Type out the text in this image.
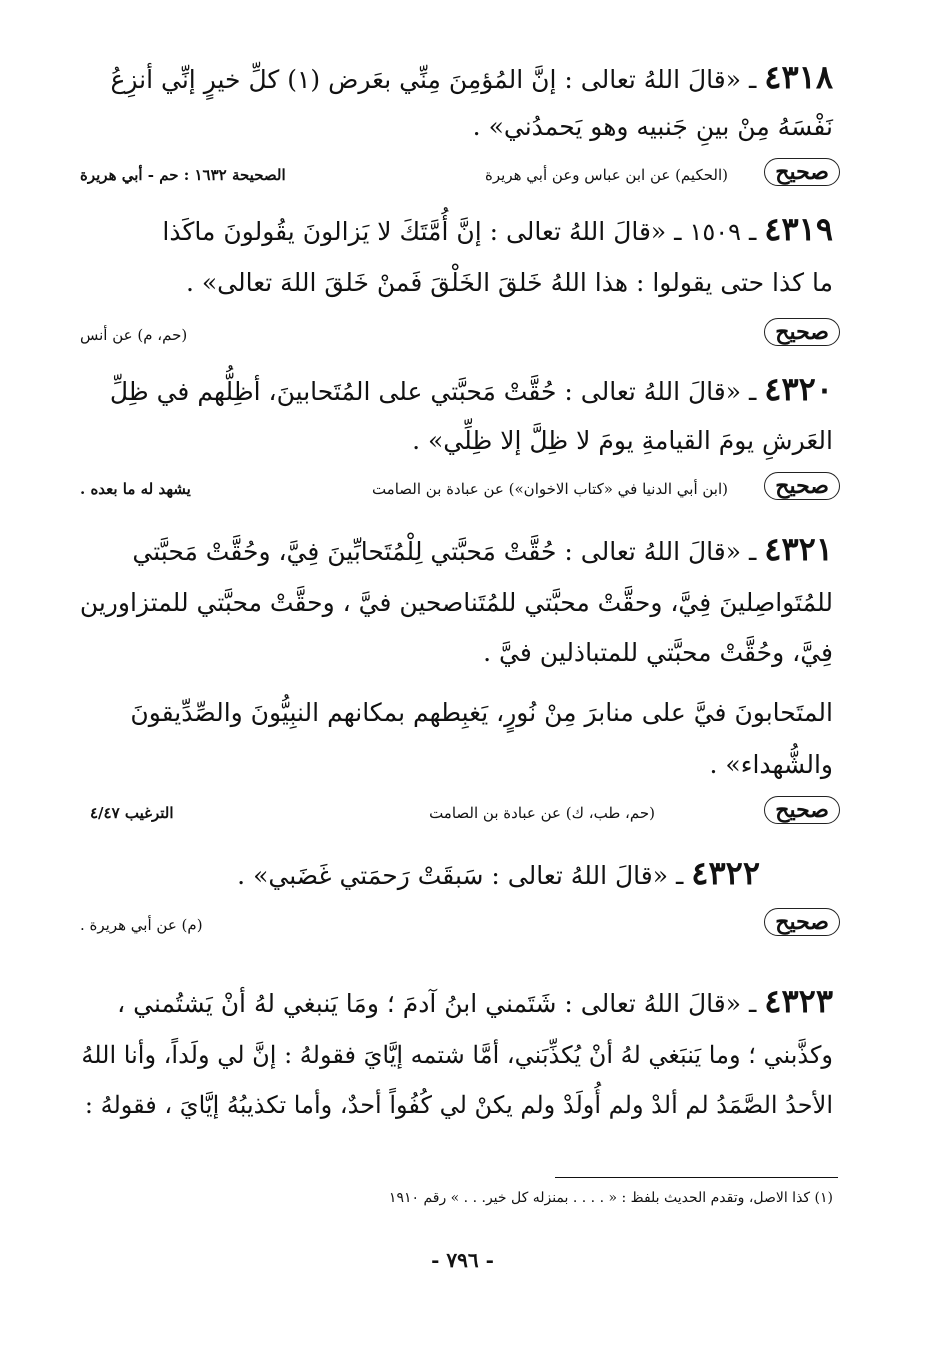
٤٣١٨ ـ «قالَ اللهُ تعالى : إنَّ المُؤمِنَ مِنِّي بعَرض (١) كلِّ خيرٍ إنِّي أنزِعُ
نَفْسَهُ مِنْ بينِ جَنبيه وهو يَحمدُني» .
صحيح
(الحكيم) عن ابن عباس وعن أبي هريرة
الصحيحة ١٦٣٢ : حم - أبي هريرة
٤٣١٩ ـ ١٥٠٩ ـ «قالَ اللهُ تعالى : إنَّ أُمَّتَكَ لا يَزالونَ يقُولونَ ماكَذا
ما كذا حتى يقولوا : هذا اللهُ خَلقَ الخَلْقَ فَمنْ خَلقَ اللهَ تعالى» .
صحيح
(حم، م) عن أنس
٤٣٢٠ ـ «قالَ اللهُ تعالى : حُقَّتْ مَحبَّتي على المُتَحابينَ، أظِلُّهم في ظِلِّ
العَرشِ يومَ القيامةِ يومَ لا ظِلَّ إلا ظِلِّي» .
صحيح
(ابن أبي الدنيا في «كتاب الاخوان») عن عبادة بن الصامت
يشهد له ما بعده .
٤٣٢١ ـ «قالَ اللهُ تعالى : حُقَّتْ مَحبَّتي لِلْمُتَحابِّينَ فِيَّ، وحُقَّتْ مَحبَّتي
للمُتَواصِلينَ فِيَّ، وحقَّتْ محبَّتي للمُتَناصحين فيَّ ، وحقَّتْ محبَّتي للمتزاورين
فِيَّ، وحُقَّتْ محبَّتي للمتباذلين فيَّ .
المتَحابونَ فيَّ على منابرَ مِنْ نُورٍ، يَغبِطهم بمكانهم النبِيُّونَ والصِّدِّيقونَ
والشُّهداء» .
صحيح
(حم، طب، ك) عن عبادة بن الصامت
الترغيب ٤/٤٧
٤٣٢٢ ـ «قالَ اللهُ تعالى : سَبقَتْ رَحمَتي غَضَبي» .
صحيح
(م) عن أبي هريرة .
٤٣٢٣ ـ «قالَ اللهُ تعالى : شَتَمني ابنُ آدمَ ؛ ومَا يَنبغي لهُ أنْ يَشتُمني ،
وكذَّبني ؛ وما يَنبَغي لهُ أنْ يُكذِّبَني، أمَّا شتمه إيَّايَ فقولهُ : إنَّ لي ولَداً، وأنا اللهُ
الأحدُ الصَّمَدُ لم ألدْ ولم أُولَدْ ولم يكنْ لي كُفُواً أحدٌ، وأما تكذيبُهُ إيَّايَ ، فقولهُ :
(١) كذا الاصل، وتقدم الحديث بلفظ : « . . . . بمنزله كل خير. . . » رقم ١٩١٠
- ٧٩٦ -
